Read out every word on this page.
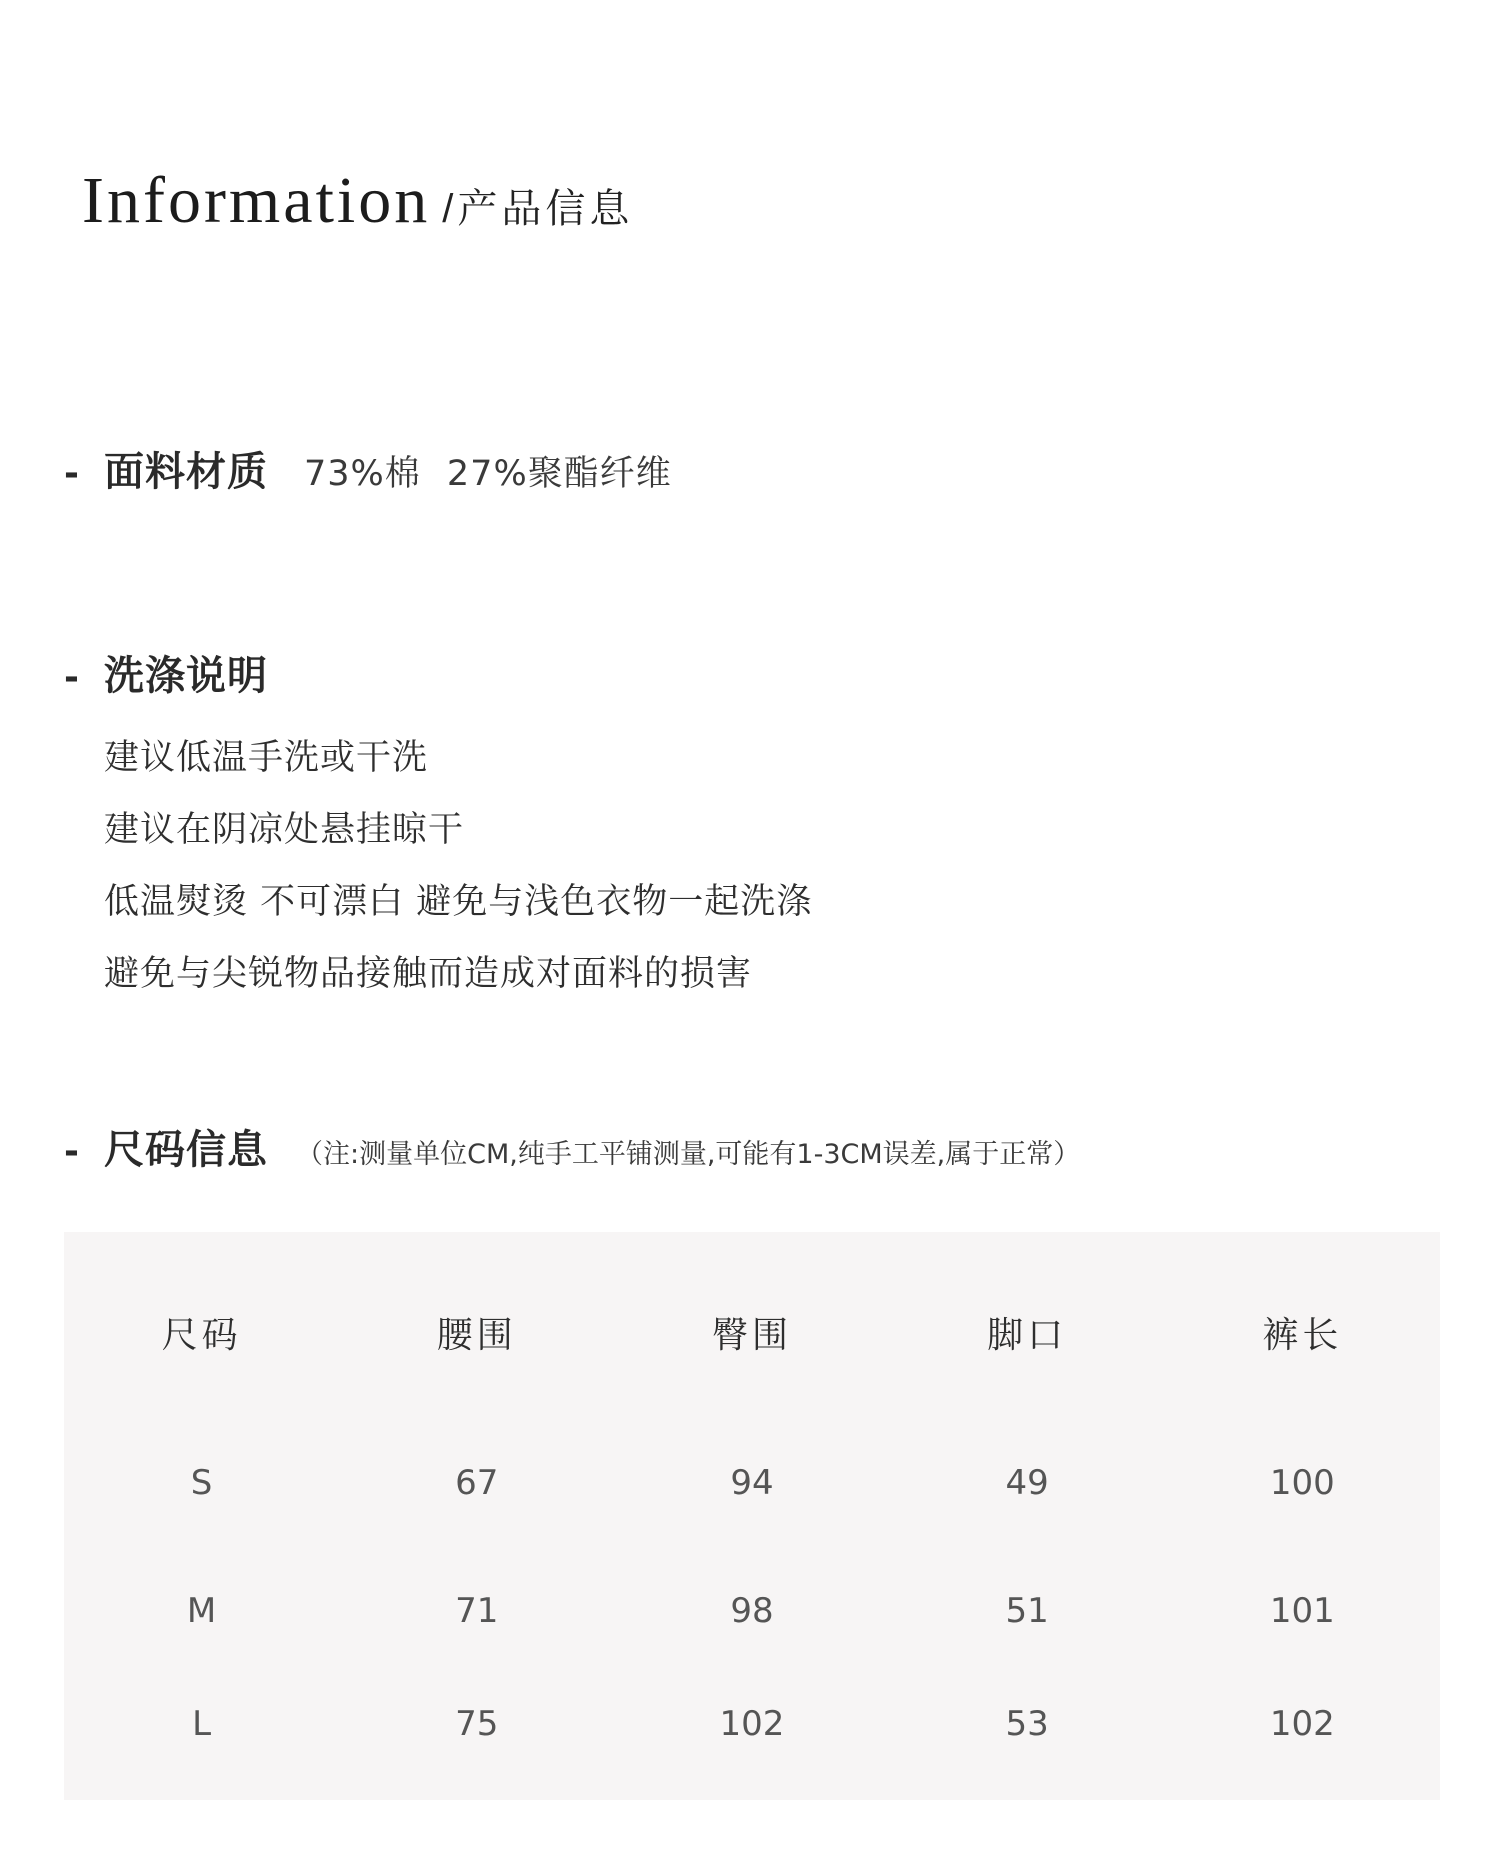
Information / 产品信息
- 面料材质 73%棉 27%聚酯纤维
- 洗涤说明
建议低温手洗或干洗
建议在阴凉处悬挂晾干
低温熨烫 不可漂白 避免与浅色衣物一起洗涤
避免与尖锐物品接触而造成对面料的损害
- 尺码信息 （注:测量单位CM,纯手工平铺测量,可能有1-3CM误差,属于正常）
尺码	腰围	臀围	脚口	裤长
S	67	94	49	100
M	71	98	51	101
L	75	102	53	102
